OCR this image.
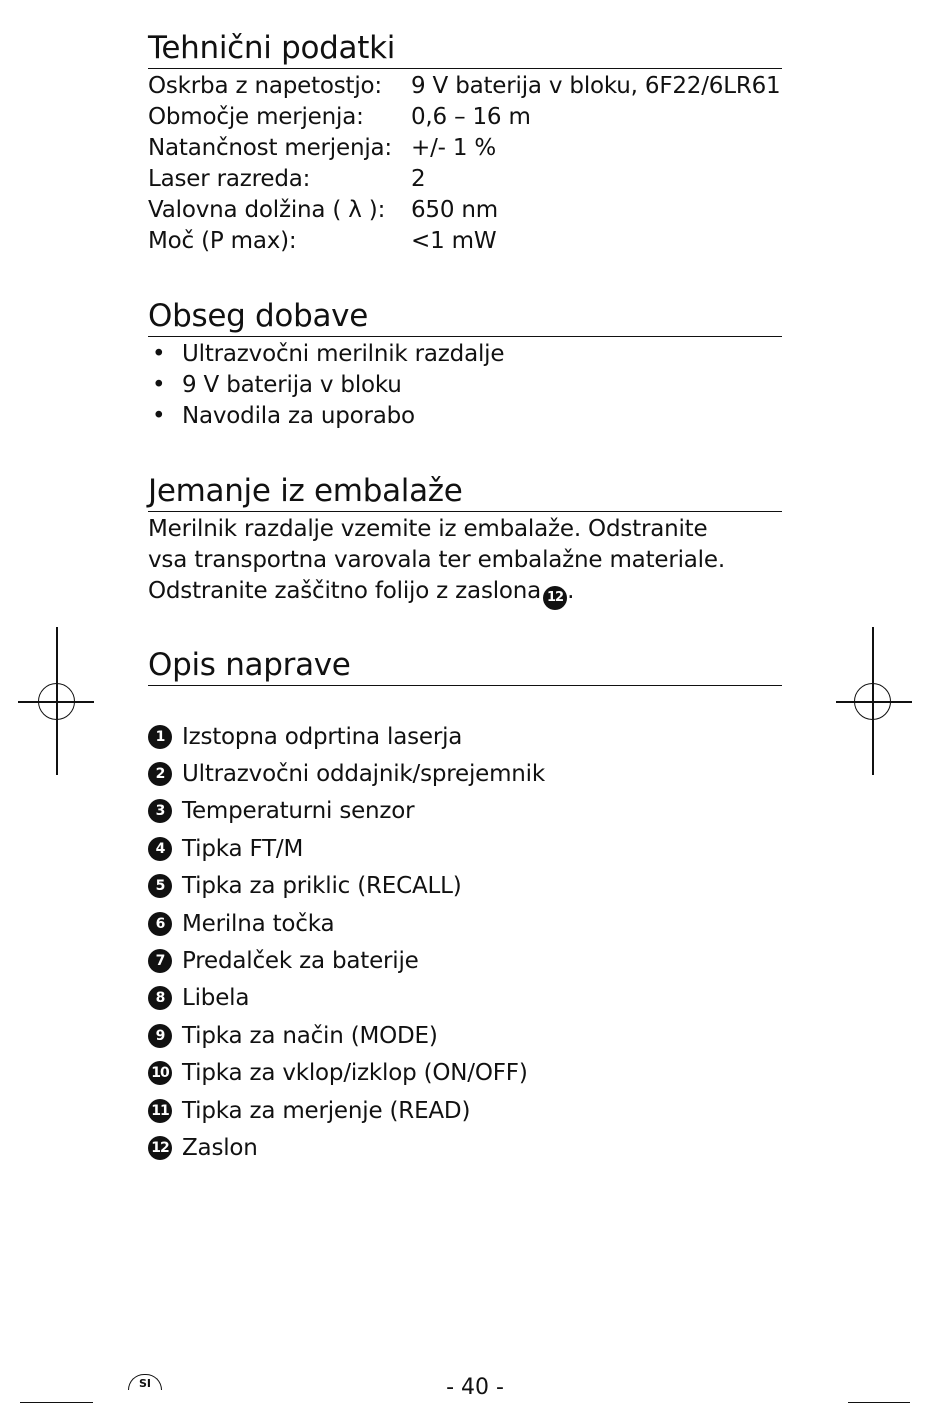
Tehnični podatki
Oskrba z napetostjo:	9 V baterija v bloku, 6F22/6LR61
Območje merjenja:	0,6 – 16 m
Natančnost merjenja: +/- 1 %
Laser razreda:	2
Valovna dolžina ( λ ):	650 nm
Moč (P max):	<1 mW
Obseg dobave
• Ultrazvočni merilnik razdalje
• 9 V baterija v bloku
• Navodila za uporabo
Jemanje iz embalaže
Merilnik razdalje vzemite iz embalaže. Odstranite
vsa transportna varovala ter embalažne materiale.
Odstranite zaščitno folijo z zaslona 12 .
Opis naprave
1 Izstopna odprtina laserja
2 Ultrazvočni oddajnik/sprejemnik
3 Temperaturni senzor
4 Tipka FT/M
5 Tipka za priklic (RECALL)
6 Merilna točka
7 Predalček za baterije
8 Libela
9 Tipka za način (MODE)
10 Tipka za vklop/izklop (ON/OFF)
11 Tipka za merjenje (READ)
12 Zaslon
SI	- 40 -
